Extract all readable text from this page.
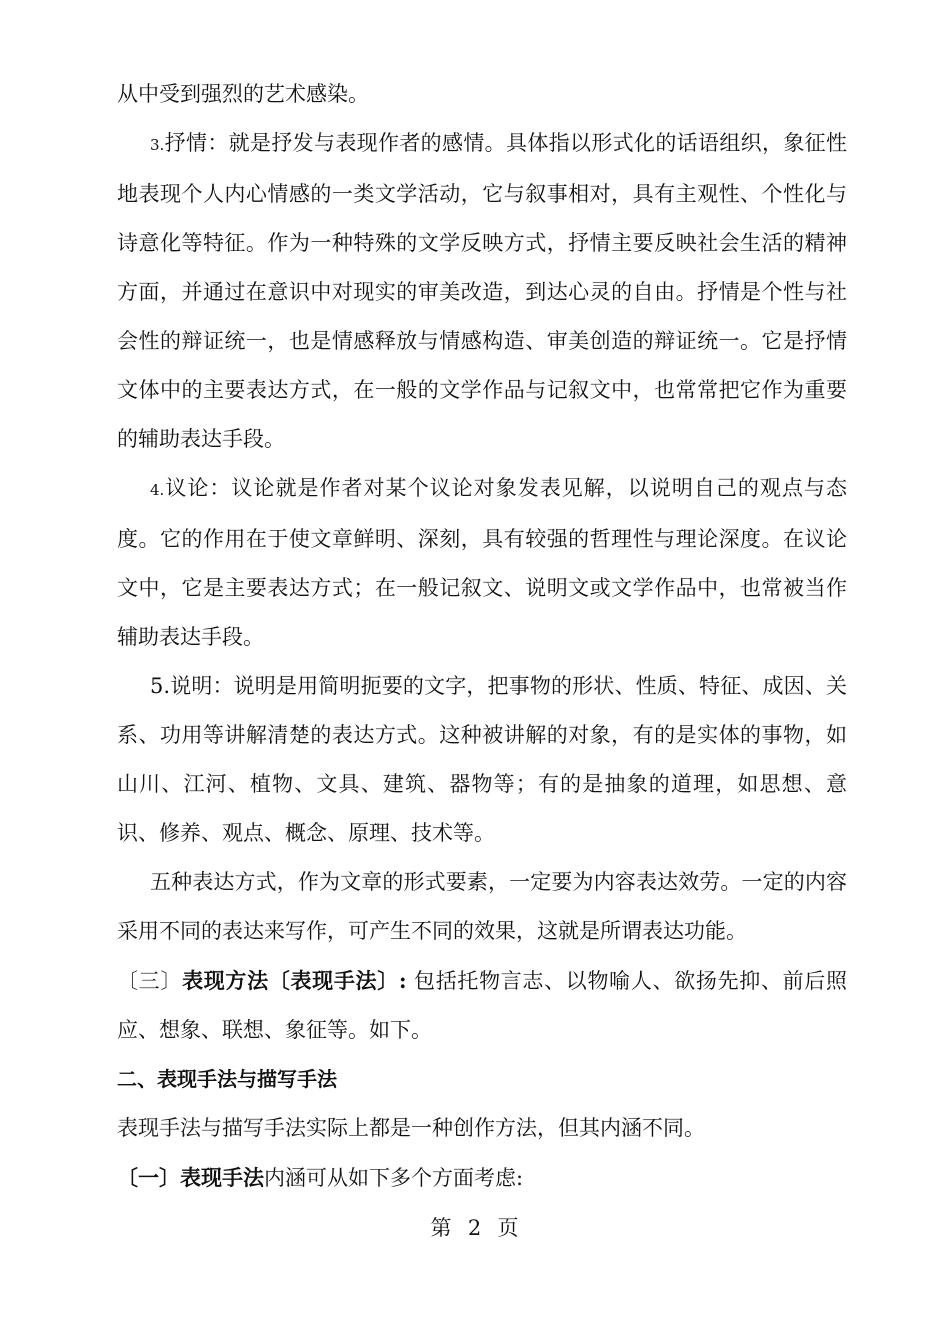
从中受到强烈的艺术感染。

3.抒情：就是抒发与表现作者的感情。具体指以形式化的话语组织，象征性地表现个人内心情感的一类文学活动，它与叙事相对，具有主观性、个性化与诗意化等特征。作为一种特殊的文学反映方式，抒情主要反映社会生活的精神方面，并通过在意识中对现实的审美改造，到达心灵的自由。抒情是个性与社会性的辩证统一，也是情感释放与情感构造、审美创造的辩证统一。它是抒情文体中的主要表达方式，在一般的文学作品与记叙文中，也常常把它作为重要的辅助表达手段。

4.议论：议论就是作者对某个议论对象发表见解，以说明自己的观点与态度。它的作用在于使文章鲜明、深刻，具有较强的哲理性与理论深度。在议论文中，它是主要表达方式；在一般记叙文、说明文或文学作品中，也常被当作辅助表达手段。

5.说明：说明是用简明扼要的文字，把事物的形状、性质、特征、成因、关系、功用等讲解清楚的表达方式。这种被讲解的对象，有的是实体的事物，如山川、江河、植物、文具、建筑、器物等；有的是抽象的道理，如思想、意识、修养、观点、概念、原理、技术等。

五种表达方式，作为文章的形式要素，一定要为内容表达效劳。一定的内容采用不同的表达来写作，可产生不同的效果，这就是所谓表达功能。

〔三〕表现方法〔表现手法〕: 包括托物言志、以物喻人、欲扬先抑、前后照应、想象、联想、象征等。如下。

二、表现手法与描写手法

表现手法与描写手法实际上都是一种创作方法，但其内涵不同。

〔一〕表现手法内涵可从如下多个方面考虑:

第  2  页
